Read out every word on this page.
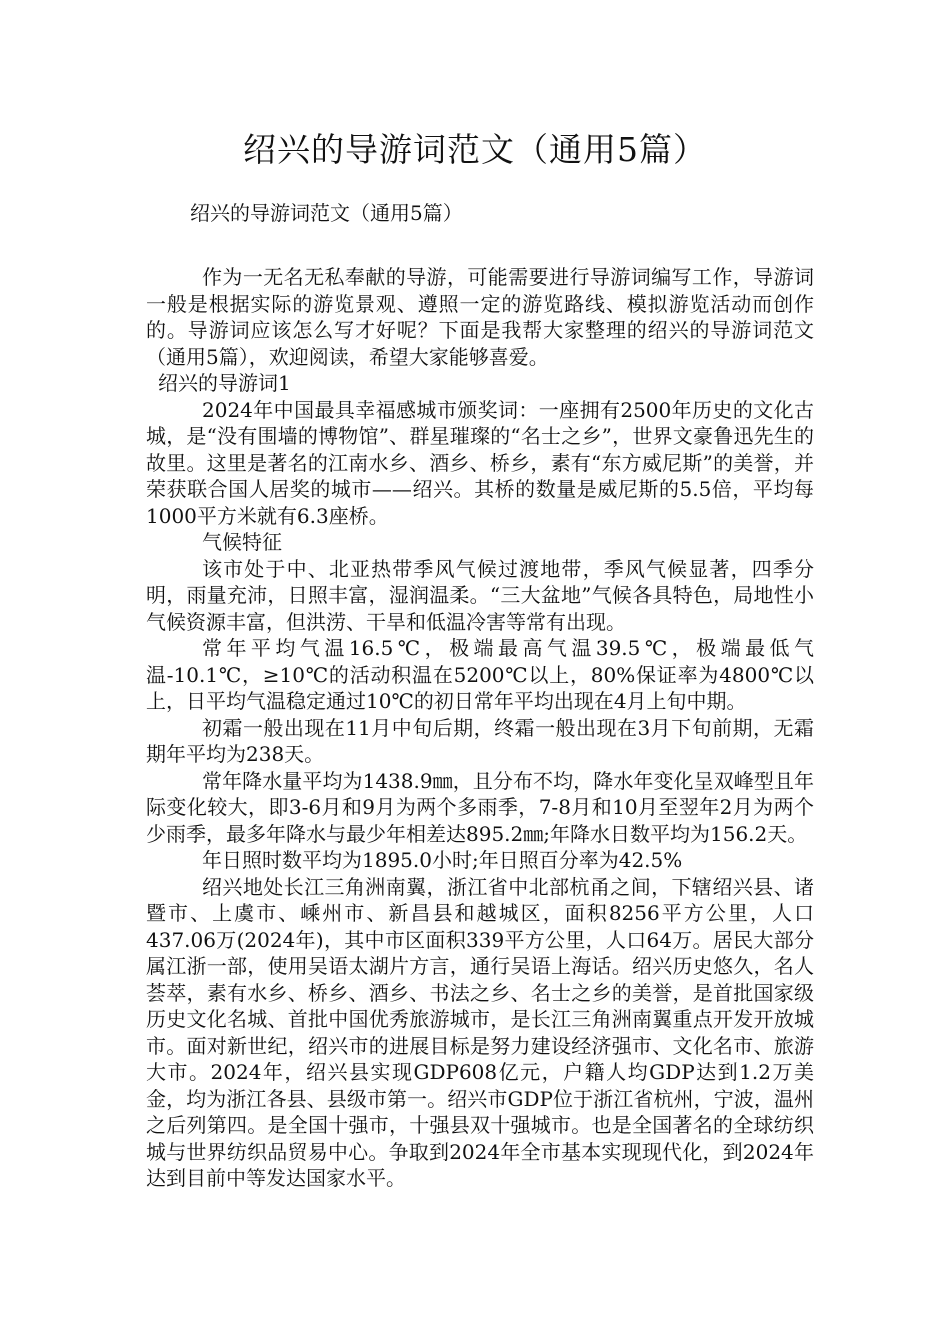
绍兴的导游词范文（通用5篇）

绍兴的导游词范文（通用5篇）

作为一无名无私奉献的导游，可能需要进行导游词编写工作，导游词一般是根据实际的游览景观、遵照一定的游览路线、模拟游览活动而创作的。导游词应该怎么写才好呢？下面是我帮大家整理的绍兴的导游词范文（通用5篇），欢迎阅读，希望大家能够喜爱。

绍兴的导游词1

2024年中国最具幸福感城市颁奖词：一座拥有2500年历史的文化古城，是“没有围墙的博物馆”、群星璀璨的“名士之乡”，世界文豪鲁迅先生的故里。这里是著名的江南水乡、酒乡、桥乡，素有“东方威尼斯”的美誉，并荣获联合国人居奖的城市——绍兴。其桥的数量是威尼斯的5.5倍，平均每1000平方米就有6.3座桥。

气候特征

该市处于中、北亚热带季风气候过渡地带，季风气候显著，四季分明，雨量充沛，日照丰富，湿润温柔。“三大盆地”气候各具特色，局地性小气候资源丰富，但洪涝、干旱和低温冷害等常有出现。

常年平均气温16.5℃，极端最高气温39.5℃，极端最低气温-10.1℃，≥10℃的活动积温在5200℃以上，80%保证率为4800℃以上，日平均气温稳定通过10℃的初日常年平均出现在4月上旬中期。

初霜一般出现在11月中旬后期，终霜一般出现在3月下旬前期，无霜期年平均为238天。

常年降水量平均为1438.9㎜，且分布不均，降水年变化呈双峰型且年际变化较大，即3-6月和9月为两个多雨季，7-8月和10月至翌年2月为两个少雨季，最多年降水与最少年相差达895.2㎜;年降水日数平均为156.2天。

年日照时数平均为1895.0小时;年日照百分率为42.5%

绍兴地处长江三角洲南翼，浙江省中北部杭甬之间，下辖绍兴县、诸暨市、上虞市、嵊州市、新昌县和越城区，面积8256平方公里，人口437.06万(2024年)，其中市区面积339平方公里，人口64万。居民大部分属江浙一部，使用吴语太湖片方言，通行吴语上海话。绍兴历史悠久，名人荟萃，素有水乡、桥乡、酒乡、书法之乡、名士之乡的美誉，是首批国家级历史文化名城、首批中国优秀旅游城市，是长江三角洲南翼重点开发开放城市。面对新世纪，绍兴市的进展目标是努力建设经济强市、文化名市、旅游大市。2024年，绍兴县实现GDP608亿元，户籍人均GDP达到1.2万美金，均为浙江各县、县级市第一。绍兴市GDP位于浙江省杭州，宁波，温州之后列第四。是全国十强市，十强县双十强城市。也是全国著名的全球纺织城与世界纺织品贸易中心。争取到2024年全市基本实现现代化，到2024年达到目前中等发达国家水平。
